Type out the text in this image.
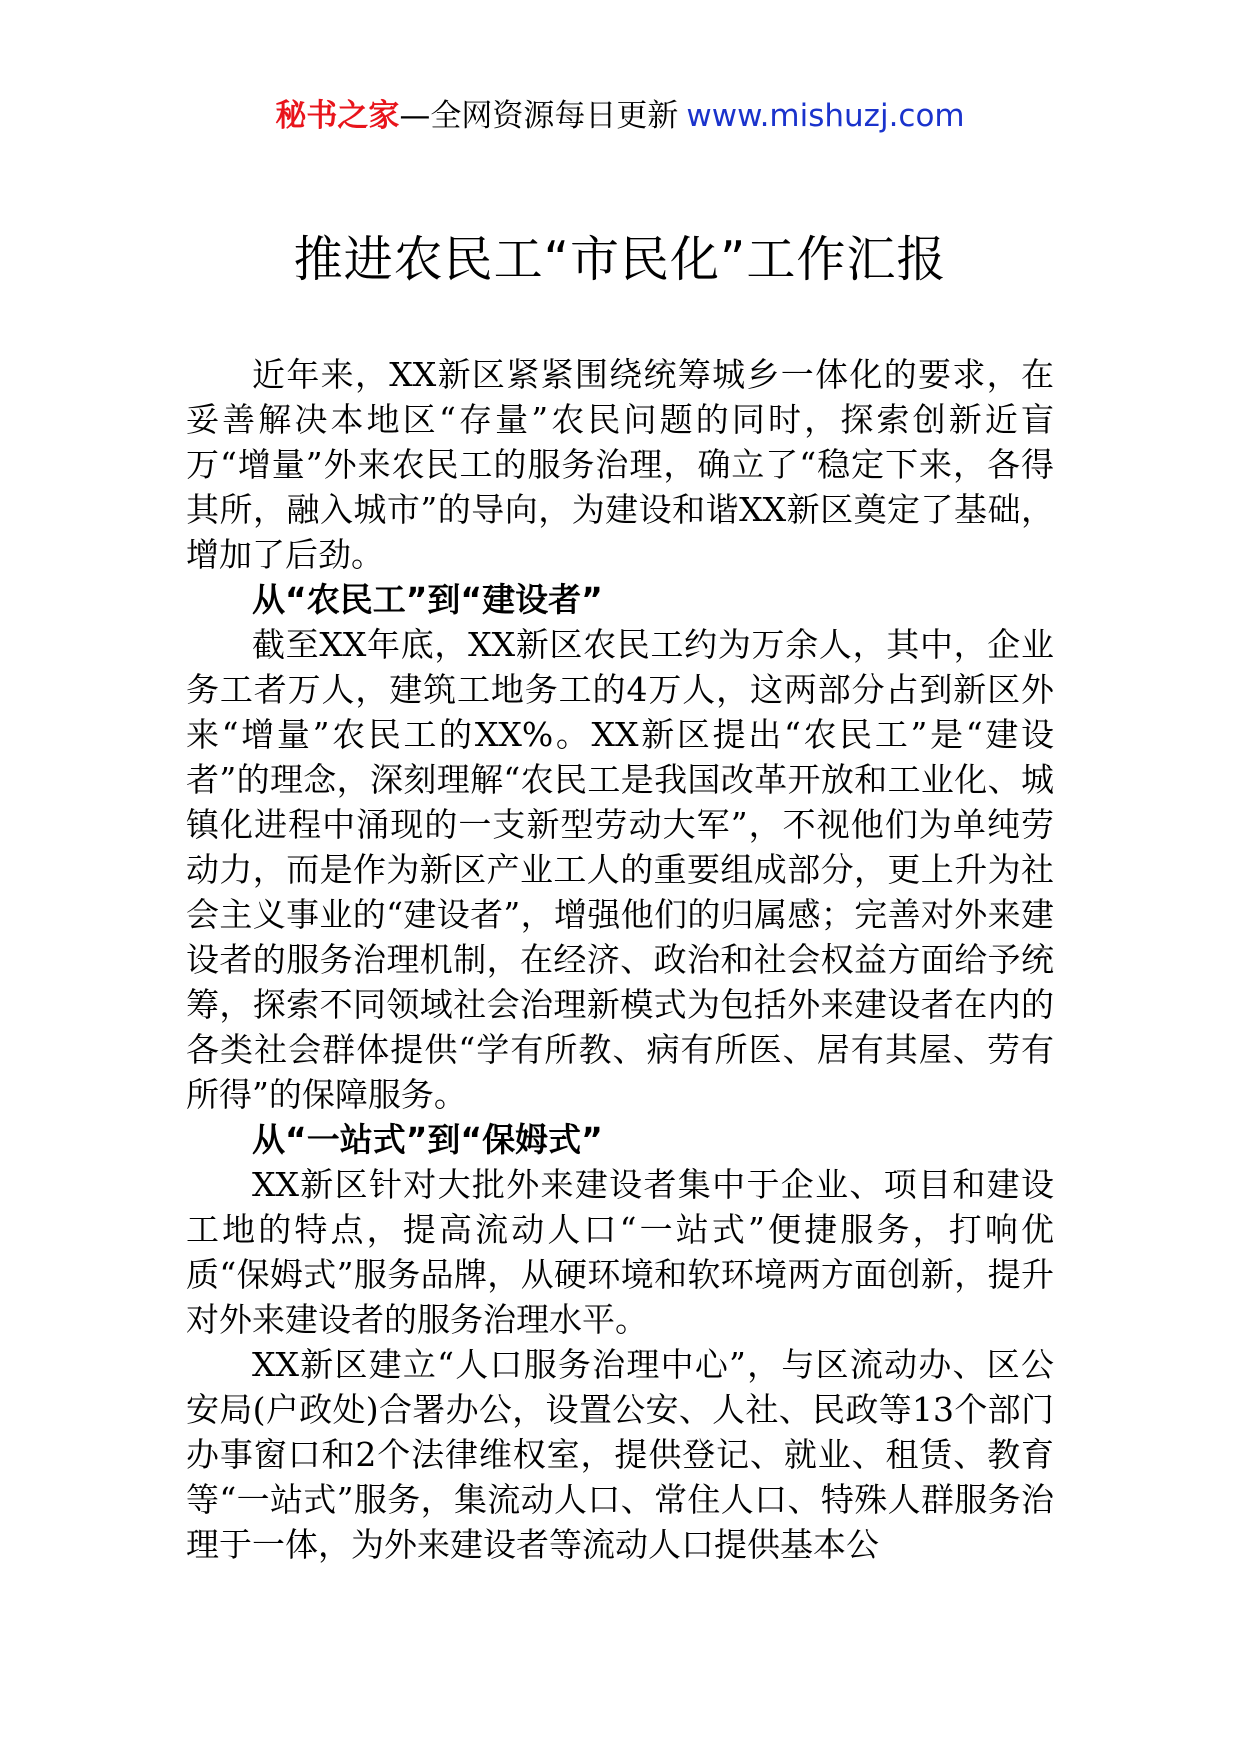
秘书之家—全网资源每日更新 www.mishuzj.com
推进农民工“市民化”工作汇报

近年来，XX新区紧紧围绕统筹城乡一体化的要求，在妥善解决本地区“存量”农民问题的同时，探索创新近盲万“增量”外来农民工的服务治理，确立了“稳定下来，各得其所，融入城市”的导向，为建设和谐XX新区奠定了基础，增加了后劲。

从“农民工”到“建设者”

截至XX年底，XX新区农民工约为万余人，其中，企业务工者万人，建筑工地务工的4万人，这两部分占到新区外来“增量”农民工的XX%。XX新区提出“农民工”是“建设者”的理念，深刻理解“农民工是我国改革开放和工业化、城镇化进程中涌现的一支新型劳动大军”，不视他们为单纯劳动力，而是作为新区产业工人的重要组成部分，更上升为社会主义事业的“建设者”，增强他们的归属感；完善对外来建设者的服务治理机制，在经济、政治和社会权益方面给予统筹，探索不同领域社会治理新模式为包括外来建设者在内的各类社会群体提供“学有所教、病有所医、居有其屋、劳有所得”的保障服务。

从“一站式”到“保姆式”

XX新区针对大批外来建设者集中于企业、项目和建设工地的特点，提高流动人口“一站式”便捷服务，打响优质“保姆式”服务品牌，从硬环境和软环境两方面创新，提升对外来建设者的服务治理水平。

XX新区建立“人口服务治理中心”，与区流动办、区公安局(户政处)合署办公，设置公安、人社、民政等13个部门办事窗口和2个法律维权室，提供登记、就业、租赁、教育等“一站式”服务，集流动人口、常住人口、特殊人群服务治理于一体，为外来建设者等流动人口提供基本公
